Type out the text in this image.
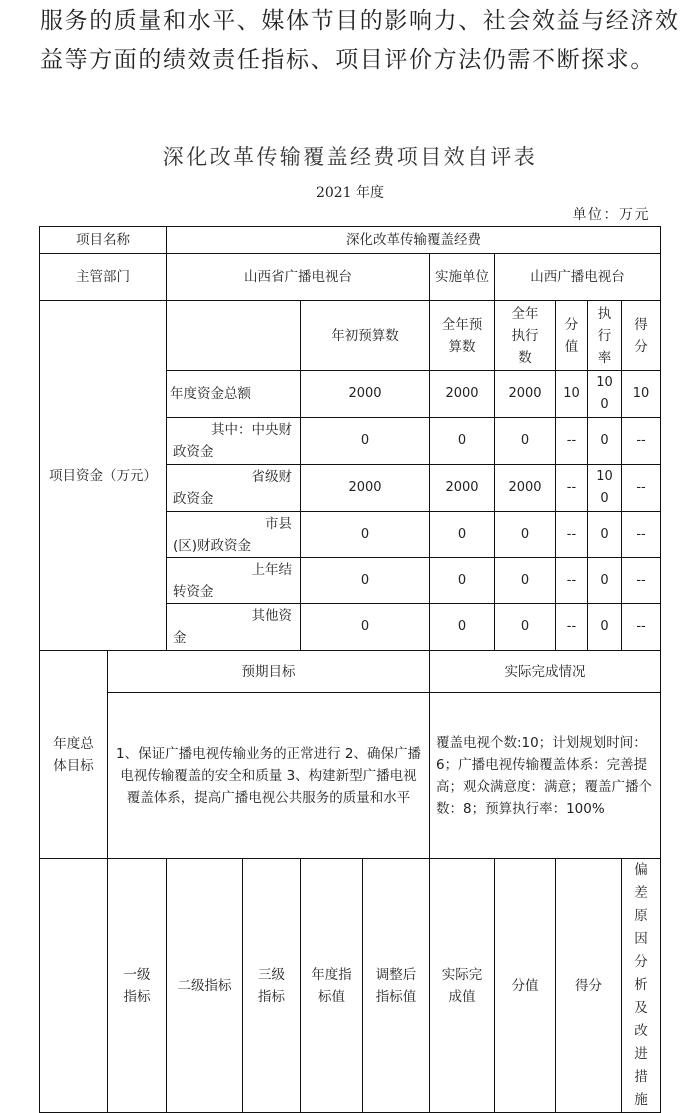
服务的质量和水平、媒体节目的影响力、社会效益与经济效

益等方面的绩效责任指标、项目评价方法仍需不断探求。

深化改革传输覆盖经费项目效自评表
2021 年度
单位：万元
项目名称		深化改革传输覆盖经费								
主管部门		山西省广播电视台				实施单位	山西广播电视台			
项目资金（万元）				年初预算数		全年预算数	全年执行数	分值	执行率	得分
		年度资金总额		2000		2000	2000	10	100	10

		其中：中央财
政资金		0		0	0	--	0	--

		省级财
政资金		2000		2000	2000	--	100	--

		市县
(区)财政资金		0		0	0	--	0	--

		上年结
转资金		0		0	0	--	0	--

		其他资
金		0		0	0	--	0	--
年度总体目标	预期目标					实际完成情况				
	1、保证广播电视传输业务的正常进行 2、确保广播电视传输覆盖的安全和质量 3、构建新型广播电视覆盖体系，提高广播电视公共服务的质量和水平					覆盖电视个数:10；计划规划时间：6；广播电视传输覆盖体系：完善提高；观众满意度：满意；覆盖广播个数：8；预算执行率：100%				
	一级指标	二级指标	三级指标	年度指标值	调整后指标值	实际完成值	分值	得分		偏差原因分析及改进措施
